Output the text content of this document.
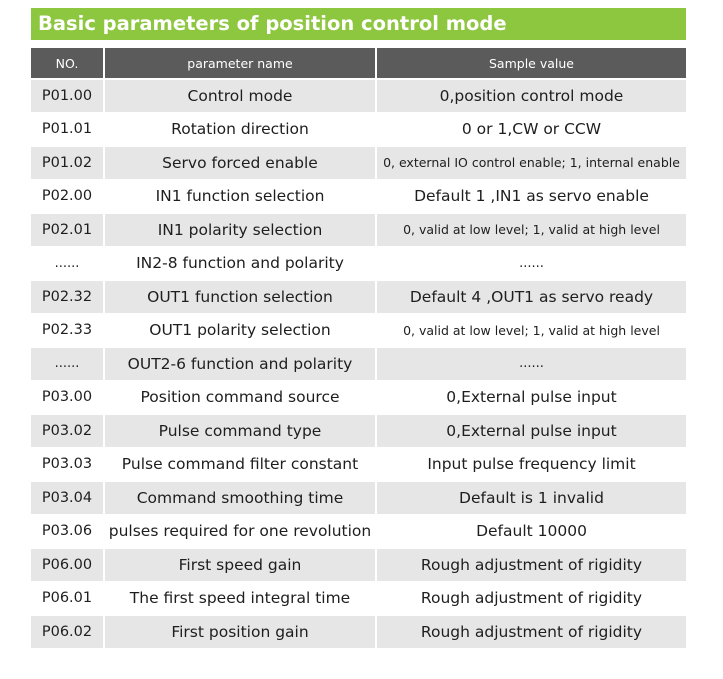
Basic parameters of position control mode
NO.	parameter name	Sample value
P01.00	Control mode	0,position control mode
P01.01	Rotation direction	0 or 1,CW or CCW
P01.02	Servo forced enable	0, external IO control enable; 1, internal enable
P02.00	IN1 function selection	Default 1 ,IN1 as servo enable
P02.01	IN1 polarity selection	0, valid at low level; 1, valid at high level
......	IN2-8 function and polarity	......
P02.32	OUT1 function selection	Default 4 ,OUT1 as servo ready
P02.33	OUT1 polarity selection	0, valid at low level; 1, valid at high level
......	OUT2-6 function and polarity	......
P03.00	Position command source	0,External pulse input
P03.02	Pulse command type	0,External pulse input
P03.03	Pulse command filter constant	Input pulse frequency limit
P03.04	Command smoothing time	Default is 1 invalid
P03.06	pulses required for one revolution	Default 10000
P06.00	First speed gain	Rough adjustment of rigidity
P06.01	The first speed integral time	Rough adjustment of rigidity
P06.02	First position gain	Rough adjustment of rigidity
